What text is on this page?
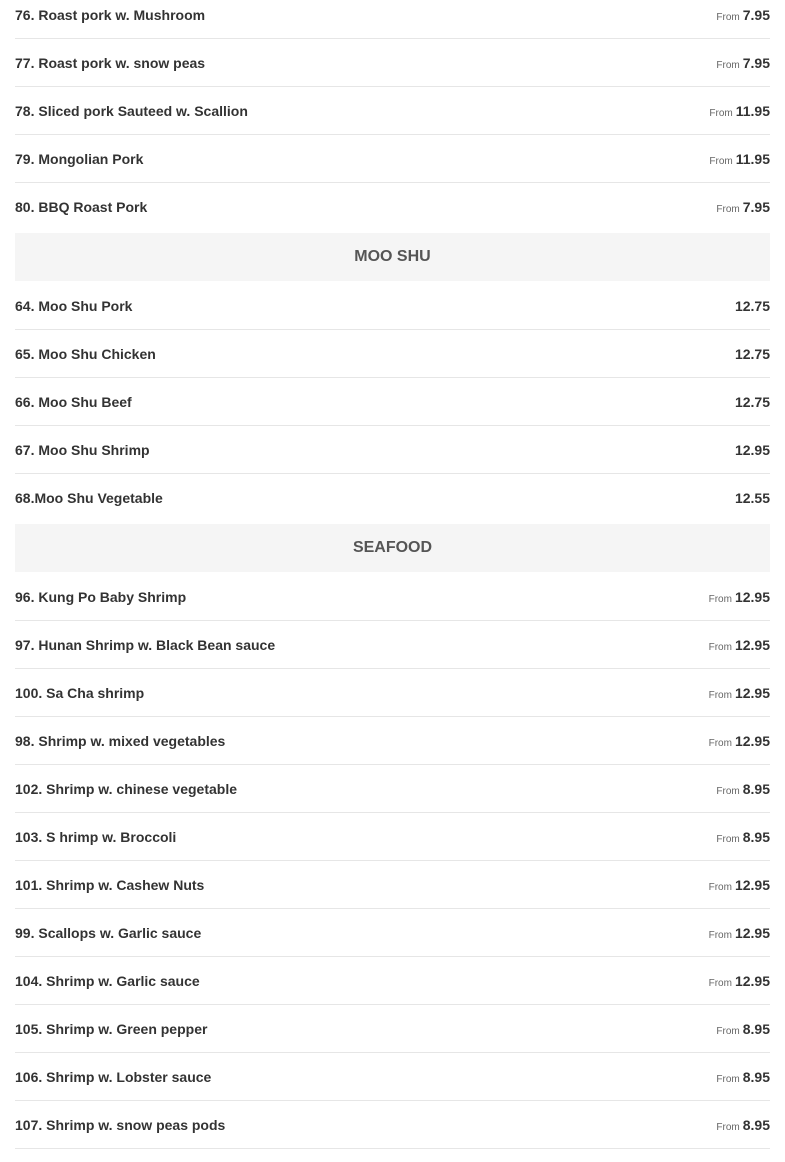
76. Roast pork w. Mushroom	From 7.95
77. Roast pork w. snow peas	From 7.95
78. Sliced pork Sauteed w. Scallion	From 11.95
79. Mongolian Pork	From 11.95
80. BBQ Roast Pork	From 7.95
MOO SHU
64. Moo Shu Pork	12.75
65. Moo Shu Chicken	12.75
66. Moo Shu Beef	12.75
67. Moo Shu Shrimp	12.95
68.Moo Shu Vegetable	12.55
SEAFOOD
96. Kung Po Baby Shrimp	From 12.95
97. Hunan Shrimp w. Black Bean sauce	From 12.95
100. Sa Cha shrimp	From 12.95
98. Shrimp w. mixed vegetables	From 12.95
102. Shrimp w. chinese vegetable	From 8.95
103. S hrimp w. Broccoli	From 8.95
101. Shrimp w. Cashew Nuts	From 12.95
99. Scallops w. Garlic sauce	From 12.95
104. Shrimp w. Garlic sauce	From 12.95
105. Shrimp w. Green pepper	From 8.95
106. Shrimp w. Lobster sauce	From 8.95
107. Shrimp w. snow peas pods	From 8.95
